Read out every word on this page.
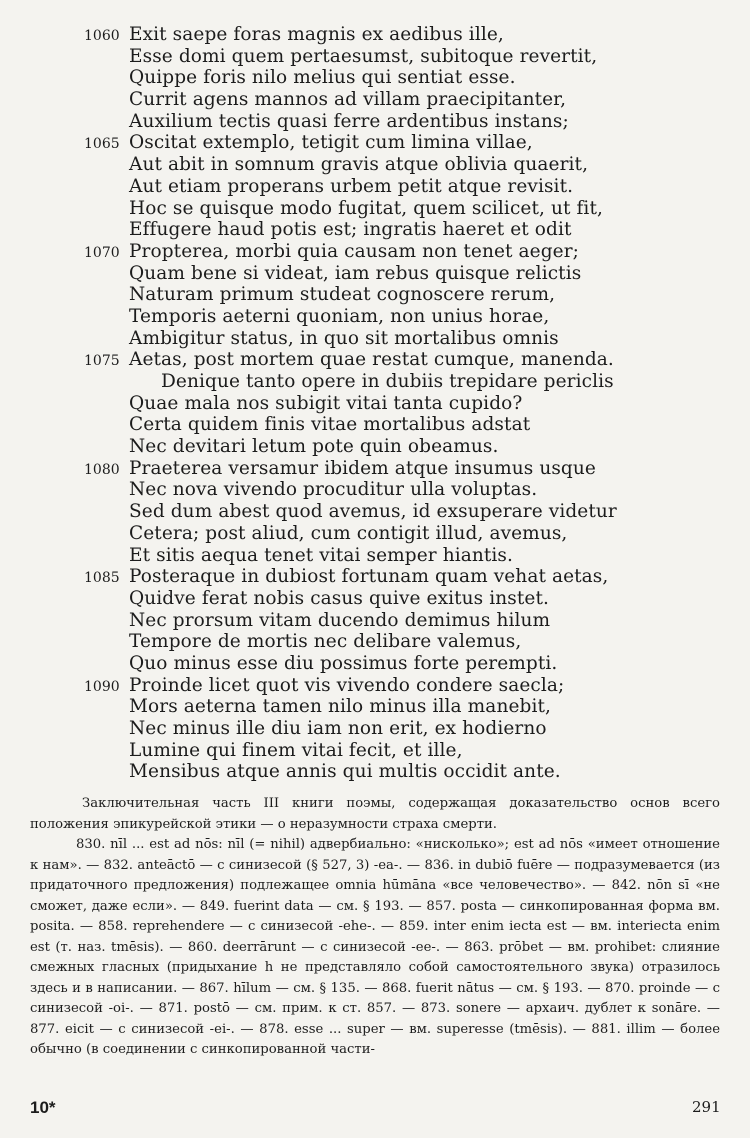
1060 Exit saepe foras magnis ex aedibus ille,
Esse domi quem pertaesumst, subitoque revertit,
Quippe foris nilo melius qui sentiat esse.
Currit agens mannos ad villam praecipitanter,
Auxilium tectis quasi ferre ardentibus instans;
1065 Oscitat extemplo, tetigit cum limina villae,
Aut abit in somnum gravis atque oblivia quaerit,
Aut etiam properans urbem petit atque revisit.
Hoc se quisque modo fugitat, quem scilicet, ut fit,
Effugere haud potis est; ingratis haeret et odit
1070 Propterea, morbi quia causam non tenet aeger;
Quam bene si videat, iam rebus quisque relictis
Naturam primum studeat cognoscere rerum,
Temporis aeterni quoniam, non unius horae,
Ambigitur status, in quo sit mortalibus omnis
1075 Aetas, post mortem quae restat cumque, manenda.
Denique tanto opere in dubiis trepidare periclis
Quae mala nos subigit vitai tanta cupido?
Certa quidem finis vitae mortalibus adstat
Nec devitari letum pote quin obeamus.
1080 Praeterea versamur ibidem atque insumus usque
Nec nova vivendo procuditur ulla voluptas.
Sed dum abest quod avemus, id exsuperare videtur
Cetera; post aliud, cum contigit illud, avemus,
Et sitis aequa tenet vitai semper hiantis.
1085 Posteraque in dubiost fortunam quam vehat aetas,
Quidve ferat nobis casus quive exitus instet.
Nec prorsum vitam ducendo demimus hilum
Tempore de mortis nec delibare valemus,
Quo minus esse diu possimus forte perempti.
1090 Proinde licet quot vis vivendo condere saecla;
Mors aeterna tamen nilo minus illa manebit,
Nec minus ille diu iam non erit, ex hodierno
Lumine qui finem vitai fecit, et ille,
Mensibus atque annis qui multis occidit ante.

Заключительная часть III книги поэмы, содержащая доказательство основ всего положения эпикурейской этики — о неразумности страха смерти.

830. nīl ... est ad nōs: nīl (= nihil) адвербиально: «нисколько»; est ad nōs «имеет отношение к нам». — 832. anteāctō — с синизесой (§ 527, 3) -ea-. — 836. in dubiō fuēre — подразумевается (из придаточного предложения) подлежащее omnia hūmāna «все человечество». — 842. nōn sī «не сможет, даже если». — 849. fuerint data — см. § 193. — 857. posta — синкопированная форма вм. posita. — 858. reprehendere — с синизесой -ehe-. — 859. inter enim iecta est — вм. interiecta enim est (т. наз. tmēsis). — 860. deerrārunt — с синизесой -ee-. — 863. prōbet — вм. prohibet: слияние смежных гласных (придыхание h не представляло собой самостоятельного звука) отразилось здесь и в написании. — 867. hīlum — см. § 135. — 868. fuerit nātus — см. § 193. — 870. proinde — с синизесой -oi-. — 871. postō — см. прим. к ст. 857. — 873. sonere — архаич. дублет к sonāre. — 877. eicit — с синизесой -ei-. — 878. esse ... super — вм. superesse (tmēsis). — 881. illim — более обычно (в соединении с синкопированной части-

10*	291
